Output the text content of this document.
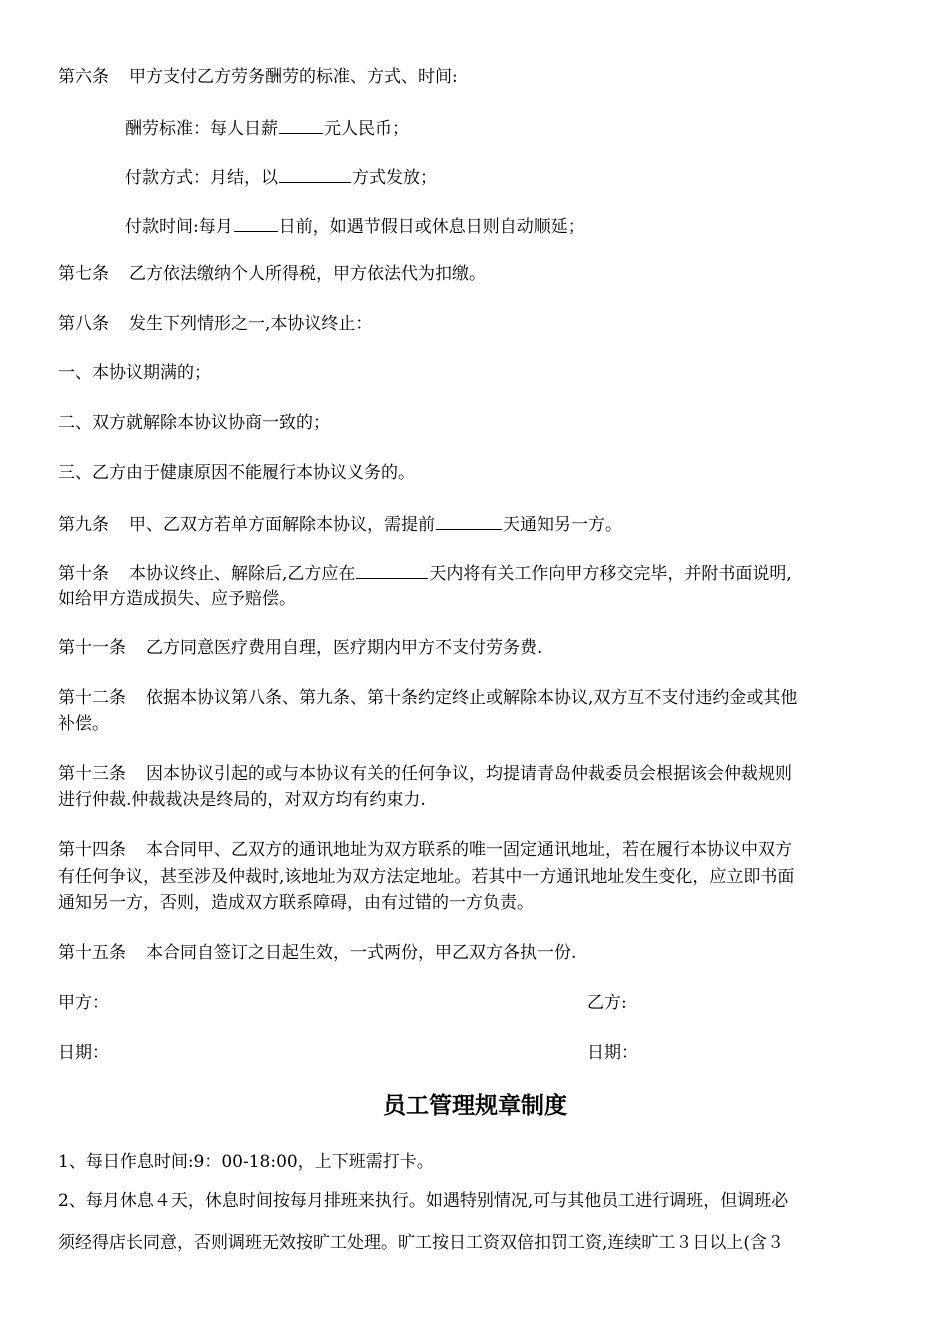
第六条 甲方支付乙方劳务酬劳的标准、方式、时间:
酬劳标准：每人日薪	元人民币；
付款方式：月结，以	方式发放；
付款时间:每月	日前，如遇节假日或休息日则自动顺延；
第七条 乙方依法缴纳个人所得税，甲方依法代为扣缴。
第八条 发生下列情形之一,本协议终止：
一、本协议期满的；
二、双方就解除本协议协商一致的；
三、乙方由于健康原因不能履行本协议义务的。
第九条 甲、乙双方若单方面解除本协议，需提前	天通知另一方。
第十条 本协议终止、解除后,乙方应在	天内将有关工作向甲方移交完毕，并附书面说明,
如给甲方造成损失、应予赔偿。
第十一条 乙方同意医疗费用自理，医疗期内甲方不支付劳务费.
第十二条 依据本协议第八条、第九条、第十条约定终止或解除本协议,双方互不支付违约金或其他
补偿。
第十三条 因本协议引起的或与本协议有关的任何争议，均提请青岛仲裁委员会根据该会仲裁规则
进行仲裁.仲裁裁决是终局的，对双方均有约束力.
第十四条 本合同甲、乙双方的通讯地址为双方联系的唯一固定通讯地址，若在履行本协议中双方
有任何争议，甚至涉及仲裁时,该地址为双方法定地址。若其中一方通讯地址发生变化，应立即书面
通知另一方，否则，造成双方联系障碍，由有过错的一方负责。
第十五条 本合同自签订之日起生效，一式两份，甲乙双方各执一份.
甲方：	乙方:
日期：	日期：
员工管理规章制度
1、每日作息时间:9：00-18:00，上下班需打卡。
2、每月休息４天，休息时间按每月排班来执行。如遇特别情况,可与其他员工进行调班，但调班必
须经得店长同意，否则调班无效按旷工处理。旷工按日工资双倍扣罚工资,连续旷工３日以上(含３
